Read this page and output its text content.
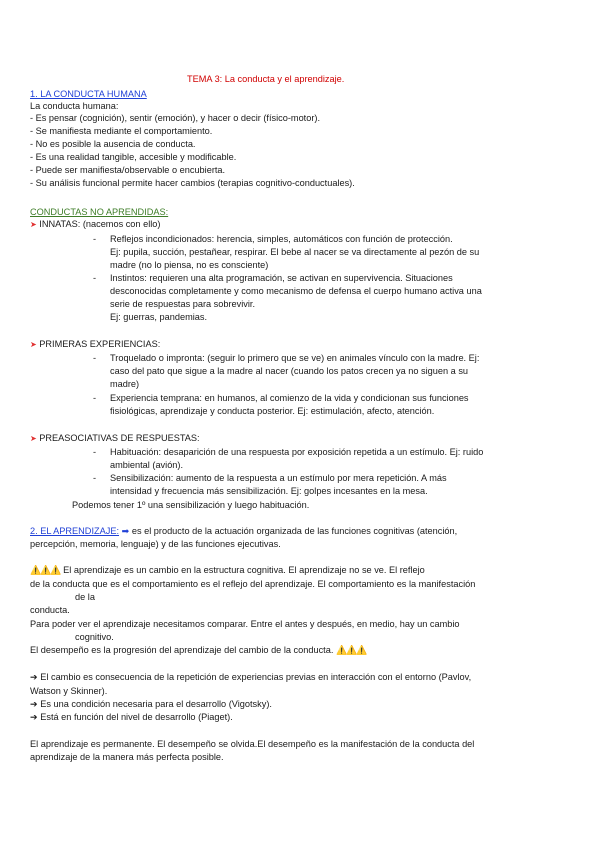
TEMA 3: La conducta y el aprendizaje.
1. LA CONDUCTA HUMANA
La conducta humana:
- Es pensar (cognición), sentir (emoción), y hacer o decir (físico-motor).
- Se manifiesta mediante el comportamiento.
- No es posible la ausencia de conducta.
- Es una realidad tangible, accesible y modificable.
- Puede ser manifiesta/observable o encubierta.
- Su análisis funcional permite hacer cambios (terapias cognitivo-conductuales).
CONDUCTAS NO APRENDIDAS:
➤ INNATAS: (nacemos con ello)
-	Reflejos incondicionados: herencia, simples, automáticos con función de protección.
Ej: pupila, succión, pestañear, respirar. El bebe al nacer se va directamente al pezón de su
madre (no lo piensa, no es consciente)
-	Instintos: requieren una alta programación, se activan en supervivencia. Situaciones
desconocidas completamente y como mecanismo de defensa el cuerpo humano activa una
serie de respuestas para sobrevivir.
Ej: guerras, pandemias.
➤ PRIMERAS EXPERIENCIAS:
-	Troquelado o impronta: (seguir lo primero que se ve) en animales vínculo con la madre. Ej:
caso del pato que sigue a la madre al nacer (cuando los patos crecen ya no siguen a su
madre)
-	Experiencia temprana: en humanos, al comienzo de la vida y condicionan sus funciones
fisiológicas, aprendizaje y conducta posterior. Ej: estimulación, afecto, atención.
➤ PREASOCIATIVAS DE RESPUESTAS:
-	Habituación: desaparición de una respuesta por exposición repetida a un estímulo. Ej: ruido
ambiental (avión).
-	Sensibilización: aumento de la respuesta a un estímulo por mera repetición. A más
intensidad y frecuencia más sensibilización. Ej: golpes incesantes en la mesa.
Podemos tener 1º una sensibilización y luego habituación.
2. EL APRENDIZAJE: ➡ es el producto de la actuación organizada de las funciones cognitivas (atención,
percepción, memoria, lenguaje) y de las funciones ejecutivas.
⚠️⚠️⚠️ El aprendizaje es un cambio en la estructura cognitiva. El aprendizaje no se ve. El reflejo
de la conducta que es el comportamiento es el reflejo del aprendizaje. El comportamiento es la manifestación
de la
conducta.
Para poder ver el aprendizaje necesitamos comparar. Entre el antes y después, en medio, hay un cambio
cognitivo.
El desempeño es la progresión del aprendizaje del cambio de la conducta. ⚠️⚠️⚠️
➔ El cambio es consecuencia de la repetición de experiencias previas en interacción con el entorno (Pavlov,
Watson y Skinner).
➔ Es una condición necesaria para el desarrollo (Vigotsky).
➔ Está en función del nivel de desarrollo (Piaget).
El aprendizaje es permanente. El desempeño se olvida.El desempeño es la manifestación de la conducta del
aprendizaje de la manera más perfecta posible.
